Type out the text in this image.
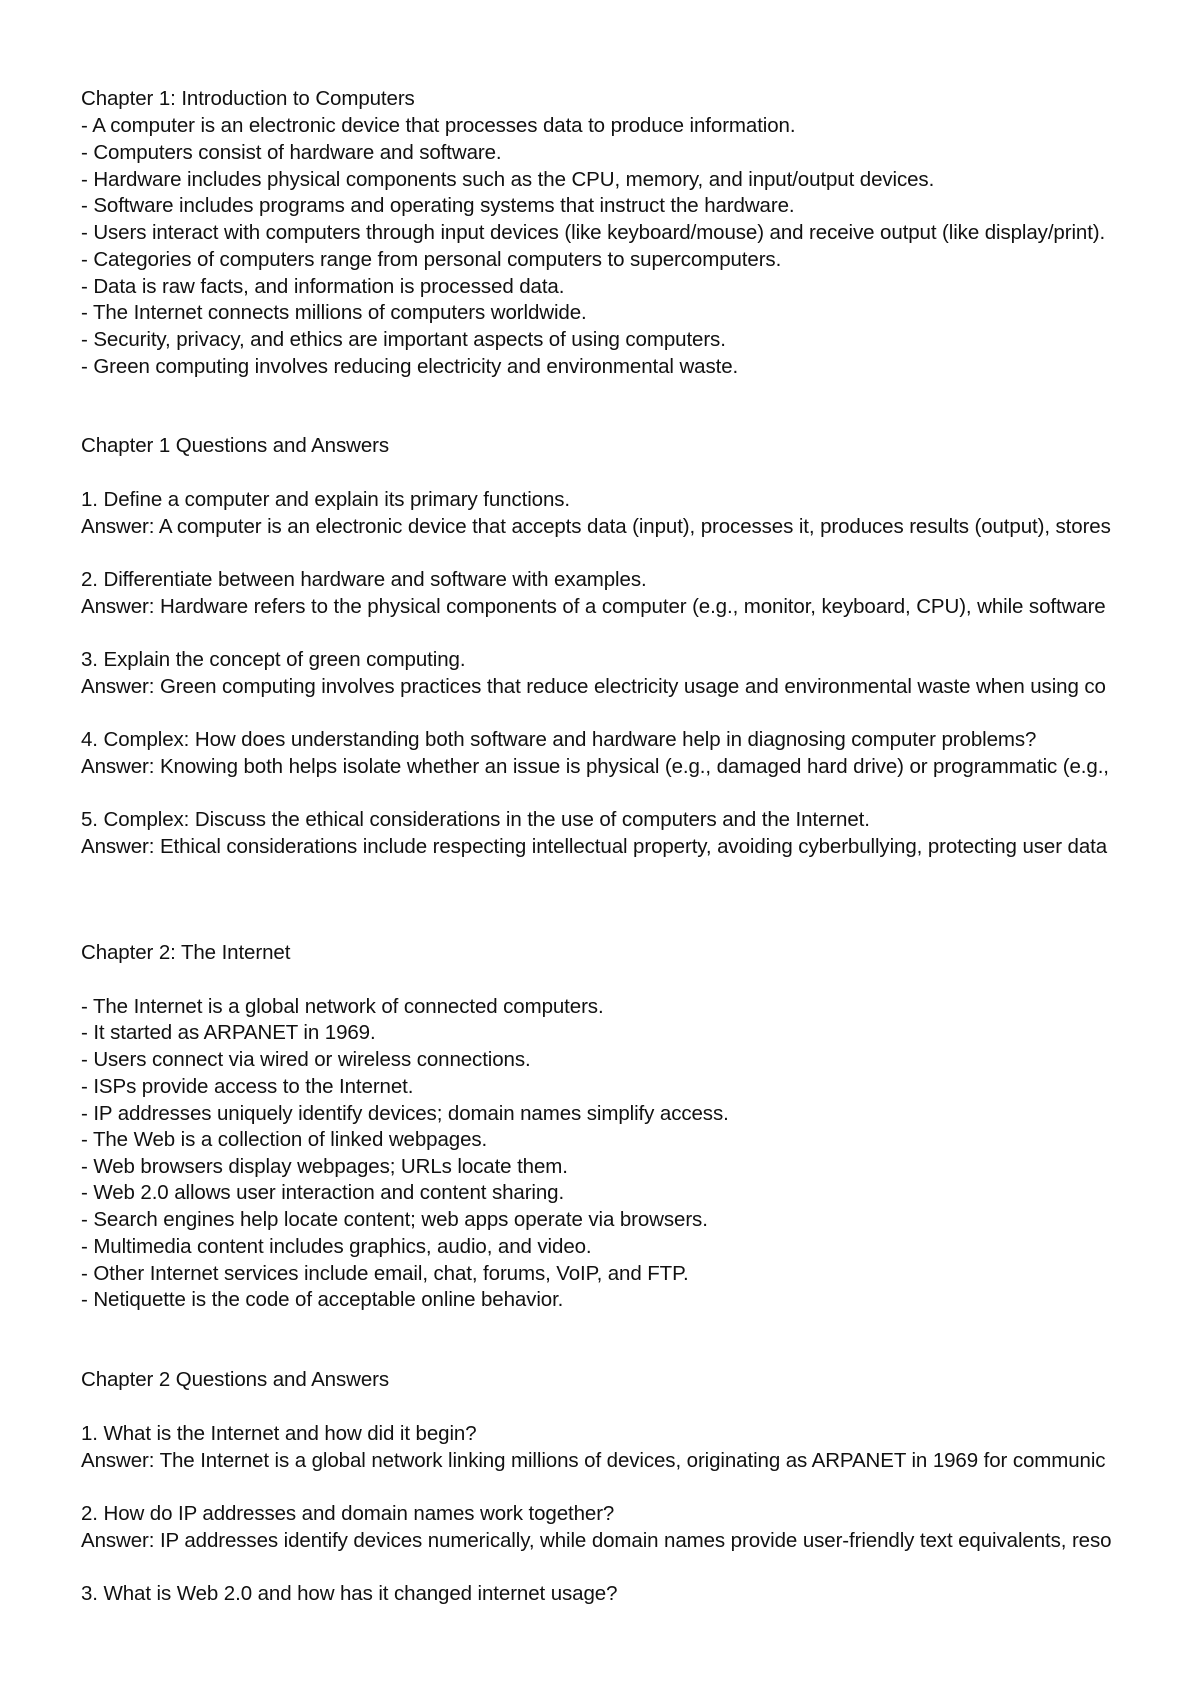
Chapter 1: Introduction to Computers
- A computer is an electronic device that processes data to produce information.
- Computers consist of hardware and software.
- Hardware includes physical components such as the CPU, memory, and input/output devices.
- Software includes programs and operating systems that instruct the hardware.
- Users interact with computers through input devices (like keyboard/mouse) and receive output (like display/print).
- Categories of computers range from personal computers to supercomputers.
- Data is raw facts, and information is processed data.
- The Internet connects millions of computers worldwide.
- Security, privacy, and ethics are important aspects of using computers.
- Green computing involves reducing electricity and environmental waste.
Chapter 1 Questions and Answers
1. Define a computer and explain its primary functions.
Answer: A computer is an electronic device that accepts data (input), processes it, produces results (output), stores
2. Differentiate between hardware and software with examples.
Answer: Hardware refers to the physical components of a computer (e.g., monitor, keyboard, CPU), while software
3. Explain the concept of green computing.
Answer: Green computing involves practices that reduce electricity usage and environmental waste when using co
4. Complex: How does understanding both software and hardware help in diagnosing computer problems?
Answer: Knowing both helps isolate whether an issue is physical (e.g., damaged hard drive) or programmatic (e.g.,
5. Complex: Discuss the ethical considerations in the use of computers and the Internet.
Answer: Ethical considerations include respecting intellectual property, avoiding cyberbullying, protecting user data
Chapter 2: The Internet
- The Internet is a global network of connected computers.
- It started as ARPANET in 1969.
- Users connect via wired or wireless connections.
- ISPs provide access to the Internet.
- IP addresses uniquely identify devices; domain names simplify access.
- The Web is a collection of linked webpages.
- Web browsers display webpages; URLs locate them.
- Web 2.0 allows user interaction and content sharing.
- Search engines help locate content; web apps operate via browsers.
- Multimedia content includes graphics, audio, and video.
- Other Internet services include email, chat, forums, VoIP, and FTP.
- Netiquette is the code of acceptable online behavior.
Chapter 2 Questions and Answers
1. What is the Internet and how did it begin?
Answer: The Internet is a global network linking millions of devices, originating as ARPANET in 1969 for communic
2. How do IP addresses and domain names work together?
Answer: IP addresses identify devices numerically, while domain names provide user-friendly text equivalents, reso
3. What is Web 2.0 and how has it changed internet usage?
